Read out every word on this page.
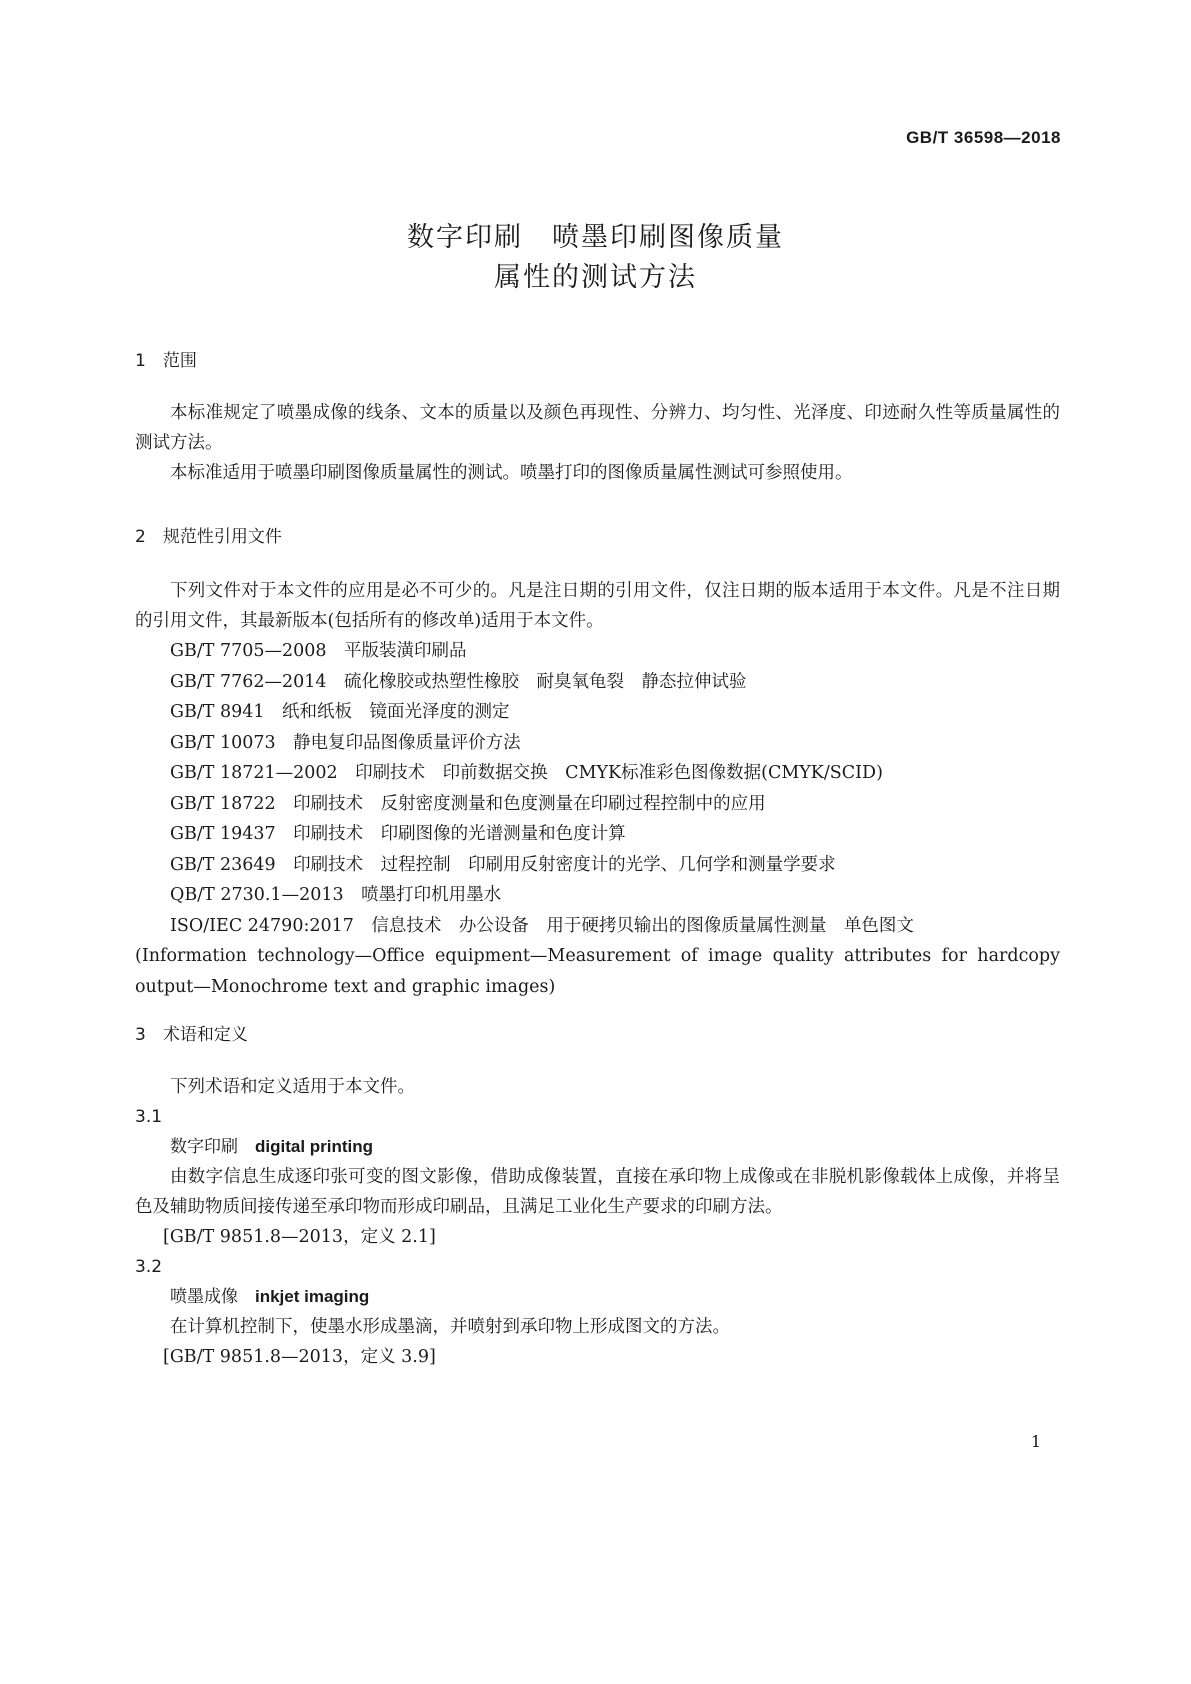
GB/T 36598—2018
数字印刷　喷墨印刷图像质量
属性的测试方法
1　范围

本标准规定了喷墨成像的线条、文本的质量以及颜色再现性、分辨力、均匀性、光泽度、印迹耐久性等质量属性的测试方法。

本标准适用于喷墨印刷图像质量属性的测试。喷墨打印的图像质量属性测试可参照使用。

2　规范性引用文件

下列文件对于本文件的应用是必不可少的。凡是注日期的引用文件，仅注日期的版本适用于本文件。凡是不注日期的引用文件，其最新版本(包括所有的修改单)适用于本文件。

GB/T 7705—2008　平版装潢印刷品

GB/T 7762—2014　硫化橡胶或热塑性橡胶　耐臭氧龟裂　静态拉伸试验

GB/T 8941　纸和纸板　镜面光泽度的测定

GB/T 10073　静电复印品图像质量评价方法

GB/T 18721—2002　印刷技术　印前数据交换　CMYK标准彩色图像数据(CMYK/SCID)

GB/T 18722　印刷技术　反射密度测量和色度测量在印刷过程控制中的应用

GB/T 19437　印刷技术　印刷图像的光谱测量和色度计算

GB/T 23649　印刷技术　过程控制　印刷用反射密度计的光学、几何学和测量学要求

QB/T 2730.1—2013　喷墨打印机用墨水

ISO/IEC 24790:2017　信息技术　办公设备　用于硬拷贝输出的图像质量属性测量　单色图文

(Information technology—Office equipment—Measurement of image quality attributes for hardcopy output—Monochrome text and graphic images)

3　术语和定义

下列术语和定义适用于本文件。

3.1

数字印刷　 digital printing

由数字信息生成逐印张可变的图文影像，借助成像装置，直接在承印物上成像或在非脱机影像载体上成像，并将呈色及辅助物质间接传递至承印物而形成印刷品，且满足工业化生产要求的印刷方法。

[GB/T 9851.8—2013，定义 2.1]

3.2

喷墨成像　 inkjet imaging

在计算机控制下，使墨水形成墨滴，并喷射到承印物上形成图文的方法。

[GB/T 9851.8—2013，定义 3.9]

1
